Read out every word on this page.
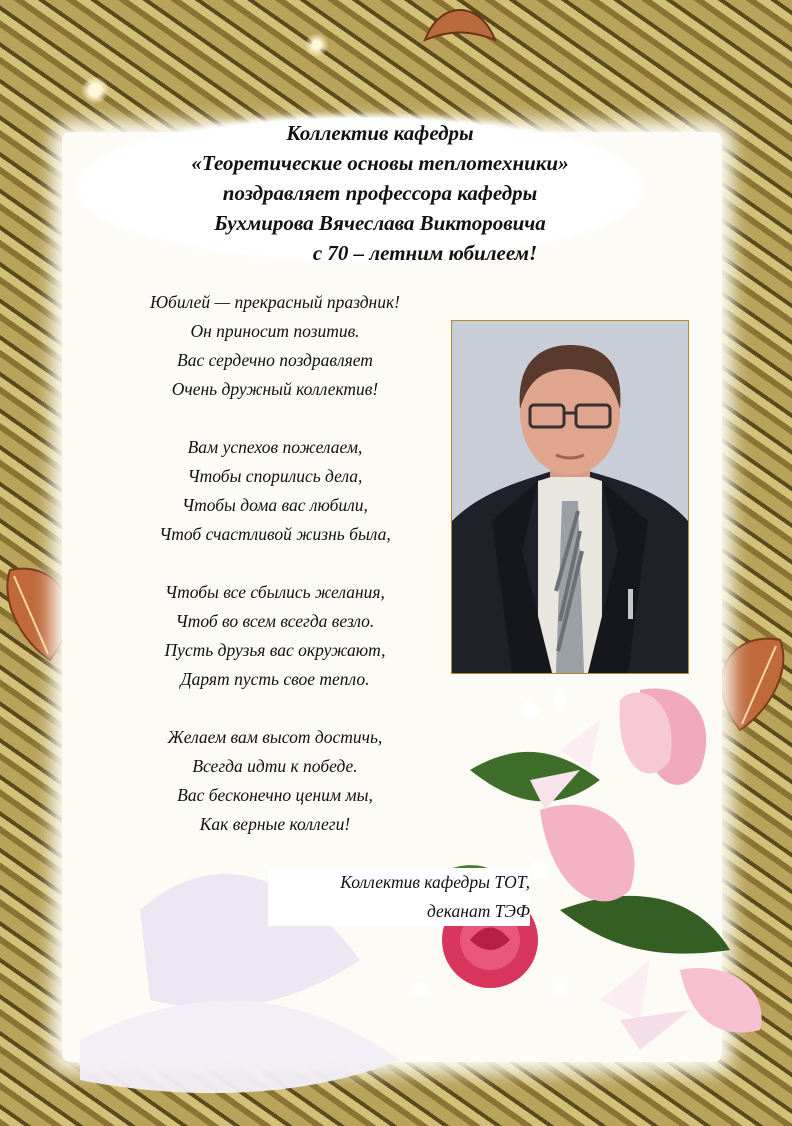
Коллектив кафедры
«Теоретические основы теплотехники»
поздравляет профессора кафедры
Бухмирова Вячеслава Викторовича
с 70 – летним юбилеем!
Юбилей — прекрасный праздник!
Он приносит позитив.
Вас сердечно поздравляет
Очень дружный коллектив!
Вам успехов пожелаем,
Чтобы спорились дела,
Чтобы дома вас любили,
Чтоб счастливой жизнь была,
Чтобы все сбылись желания,
Чтоб во всем всегда везло.
Пусть друзья вас окружают,
Дарят пусть свое тепло.
Желаем вам высот достичь,
Всегда идти к победе.
Вас бесконечно ценим мы,
Как верные коллеги!
Коллектив кафедры ТОТ,
деканат ТЭФ
